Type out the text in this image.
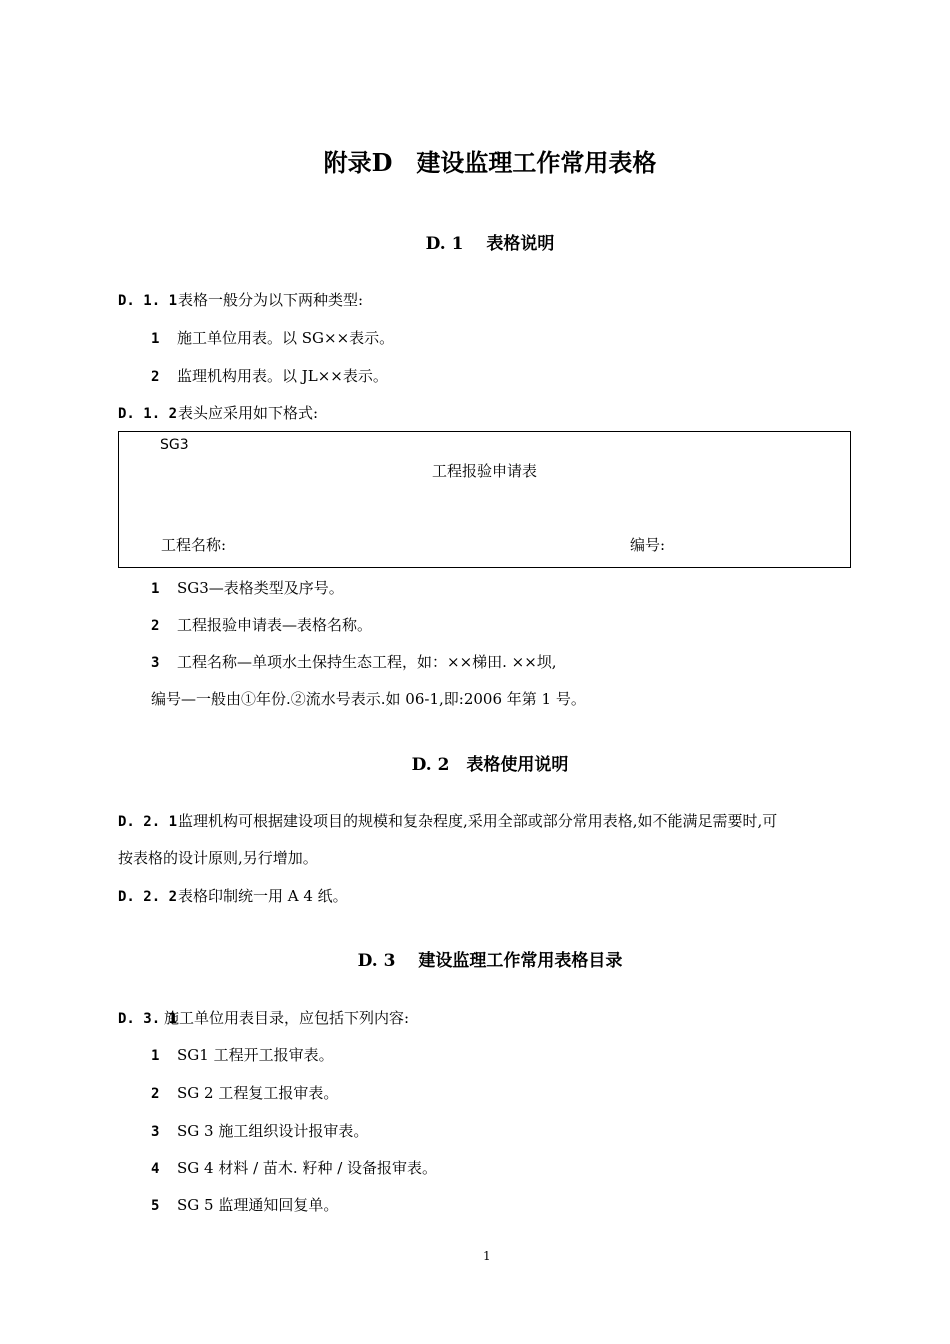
附录D　建设监理工作常用表格
D. 1　 表格说明
D. 1. 1表格一般分为以下两种类型:
1 施工单位用表。以 SG××表示。
2 监理机构用表。以 JL××表示。
D. 1. 2表头应采用如下格式:
SG3
工程报验申请表
工程名称:	编号:
1 SG3—表格类型及序号。
2 工程报验申请表—表格名称。
3 工程名称—单项水土保持生态工程，如：××梯田. ××坝,
编号—一般由①年份.②流水号表示.如 06-1,即:2006 年第 1 号。
D. 2　表格使用说明
D. 2. 1监理机构可根据建设项目的规模和复杂程度,采用全部或部分常用表格,如不能满足需要时,可
按表格的设计原则,另行增加。
D. 2. 2表格印制统一用 A 4 纸。
D. 3　 建设监理工作常用表格目录
D. 3. 1施工单位用表目录，应包括下列内容:
1 SG1 工程开工报审表。
2 SG 2 工程复工报审表。
3 SG 3 施工组织设计报审表。
4 SG 4 材料 / 苗木. 籽种 / 设备报审表。
5 SG 5 监理通知回复单。
1
